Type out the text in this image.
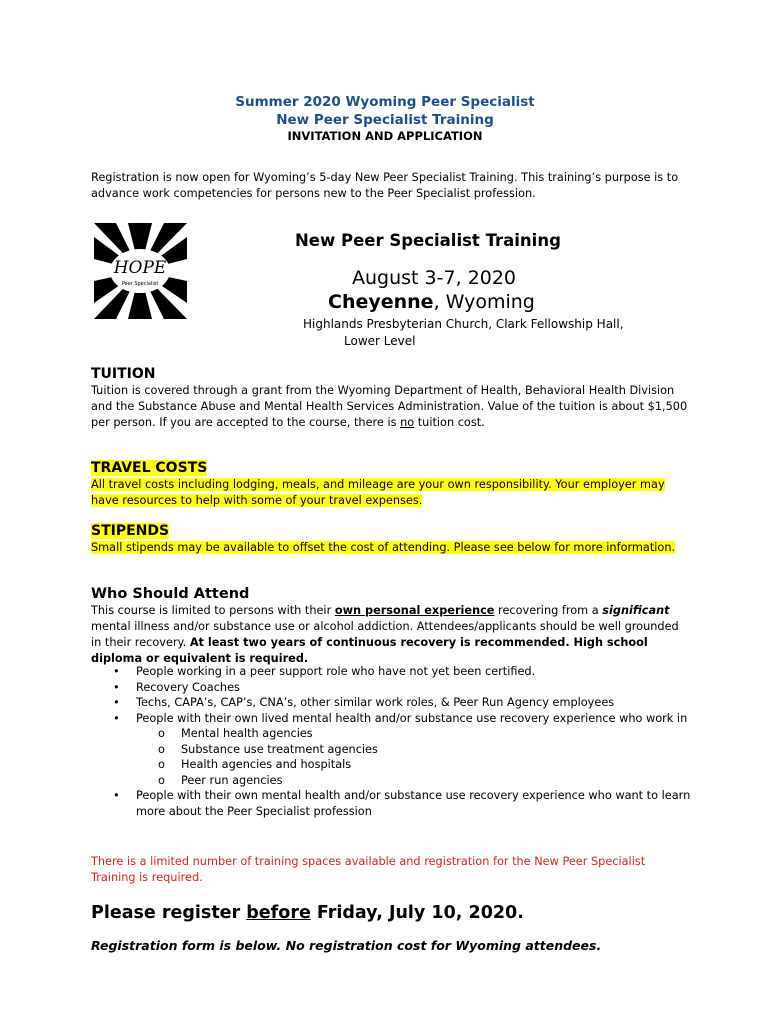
Summer 2020 Wyoming Peer Specialist
New Peer Specialist Training
INVITATION AND APPLICATION
Registration is now open for Wyoming’s 5-day New Peer Specialist Training. This training’s purpose is to advance work competencies for persons new to the Peer Specialist profession.
HOPE
Peer Specialist
New Peer Specialist Training
August 3-7, 2020
Cheyenne, Wyoming
Highlands Presbyterian Church, Clark Fellowship Hall,
Lower Level
TUITION
Tuition is covered through a grant from the Wyoming Department of Health, Behavioral Health Division and the Substance Abuse and Mental Health Services Administration. Value of the tuition is about $1,500 per person. If you are accepted to the course, there is no tuition cost.
TRAVEL COSTS
All travel costs including lodging, meals, and mileage are your own responsibility. Your employer may have resources to help with some of your travel expenses.
STIPENDS
Small stipends may be available to offset the cost of attending. Please see below for more information.
Who Should Attend
This course is limited to persons with their own personal experience recovering from a significant mental illness and/or substance use or alcohol addiction. Attendees/applicants should be well grounded in their recovery. At least two years of continuous recovery is recommended. High school diploma or equivalent is required.
• People working in a peer support role who have not yet been certified.
• Recovery Coaches
• Techs, CAPA’s, CAP’s, CNA’s, other similar work roles, & Peer Run Agency employees
• People with their own lived mental health and/or substance use recovery experience who work in
o Mental health agencies
o Substance use treatment agencies
o Health agencies and hospitals
o Peer run agencies
• People with their own mental health and/or substance use recovery experience who want to learn more about the Peer Specialist profession
There is a limited number of training spaces available and registration for the New Peer Specialist Training is required.
Please register before Friday, July 10, 2020.
Registration form is below. No registration cost for Wyoming attendees.
